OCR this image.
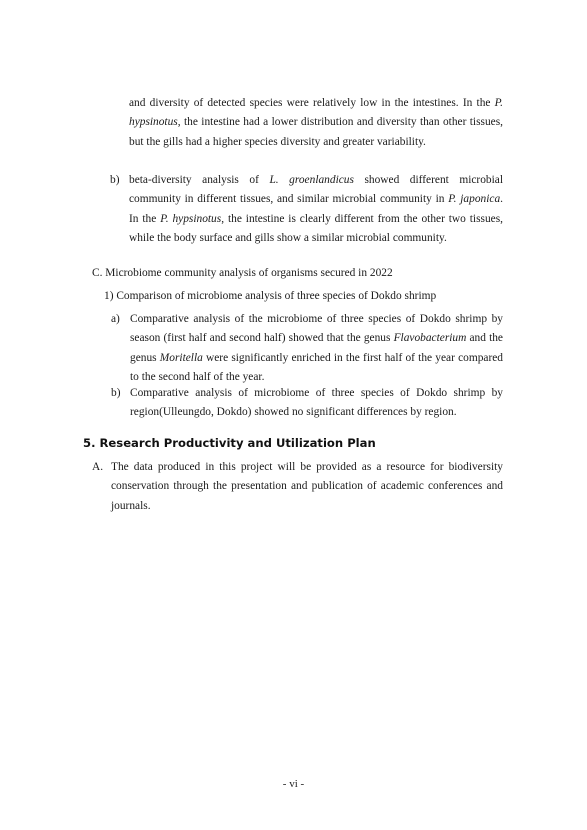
and diversity of detected species were relatively low in the intestines. In the P. hypsinotus, the intestine had a lower distribution and diversity than other tissues, but the gills had a higher species diversity and greater variability.

b) beta-diversity analysis of L. groenlandicus showed different microbial community in different tissues, and similar microbial community in P. japonica. In the P. hypsinotus, the intestine is clearly different from the other two tissues, while the body surface and gills show a similar microbial community.

C. Microbiome community analysis of organisms secured in 2022

1) Comparison of microbiome analysis of three species of Dokdo shrimp

a) Comparative analysis of the microbiome of three species of Dokdo shrimp by season (first half and second half) showed that the genus Flavobacterium and the genus Moritella were significantly enriched in the first half of the year compared to the second half of the year.

b) Comparative analysis of microbiome of three species of Dokdo shrimp by region(Ulleungdo, Dokdo) showed no significant differences by region.

5. Research Productivity and Utilization Plan

A. The data produced in this project will be provided as a resource for biodiversity conservation through the presentation and publication of academic conferences and journals.

- vi -
